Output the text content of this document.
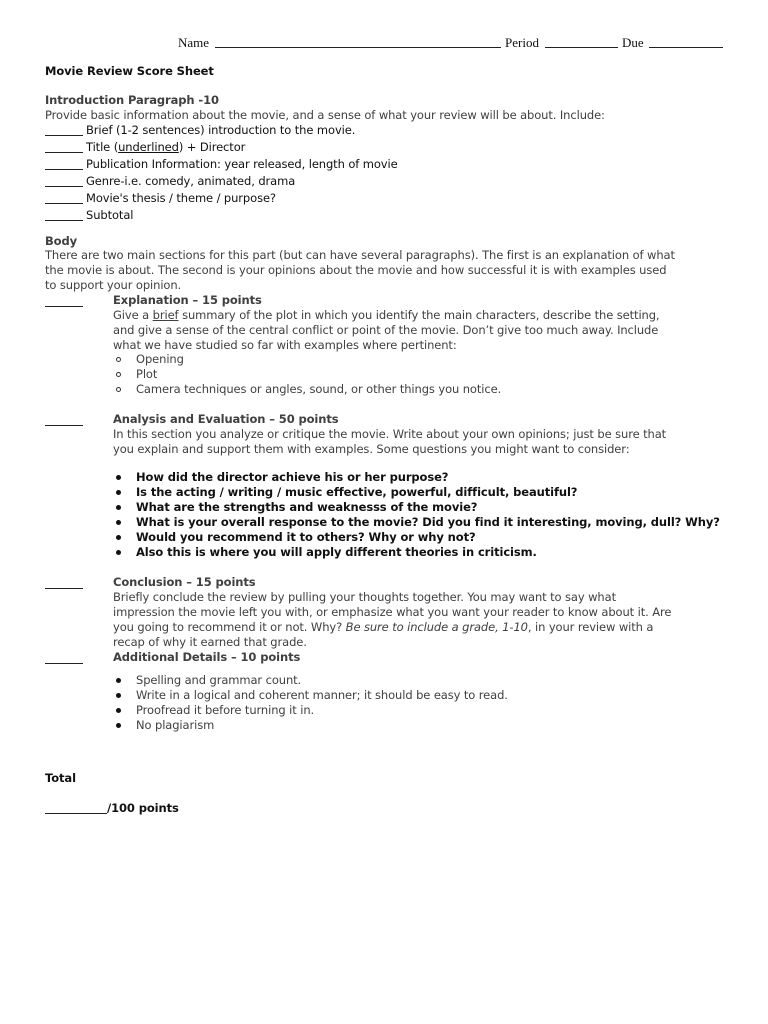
Name	Period	Due
Movie Review Score Sheet
Introduction Paragraph -10
Provide basic information about the movie, and a sense of what your review will be about. Include:
Brief (1-2 sentences) introduction to the movie.
Title (underlined) + Director
Publication Information: year released, length of movie
Genre-i.e. comedy, animated, drama
Movie's thesis / theme / purpose?
Subtotal
Body
There are two main sections for this part (but can have several paragraphs). The first is an explanation of what
the movie is about. The second is your opinions about the movie and how successful it is with examples used
to support your opinion.
Explanation – 15 points
Give a brief summary of the plot in which you identify the main characters, describe the setting,
and give a sense of the central conflict or point of the movie. Don’t give too much away. Include
what we have studied so far with examples where pertinent:
Opening
Plot
Camera techniques or angles, sound, or other things you notice.
Analysis and Evaluation – 50 points
In this section you analyze or critique the movie. Write about your own opinions; just be sure that
you explain and support them with examples. Some questions you might want to consider:
How did the director achieve his or her purpose?
Is the acting / writing / music effective, powerful, difficult, beautiful?
What are the strengths and weaknesss of the movie?
What is your overall response to the movie? Did you find it interesting, moving, dull? Why?
Would you recommend it to others? Why or why not?
Also this is where you will apply different theories in criticism.
Conclusion – 15 points
Briefly conclude the review by pulling your thoughts together. You may want to say what
impression the movie left you with, or emphasize what you want your reader to know about it. Are
you going to recommend it or not. Why? Be sure to include a grade, 1-10, in your review with a
recap of why it earned that grade.
Additional Details – 10 points
Spelling and grammar count.
Write in a logical and coherent manner; it should be easy to read.
Proofread it before turning it in.
No plagiarism
Total
/100 points
